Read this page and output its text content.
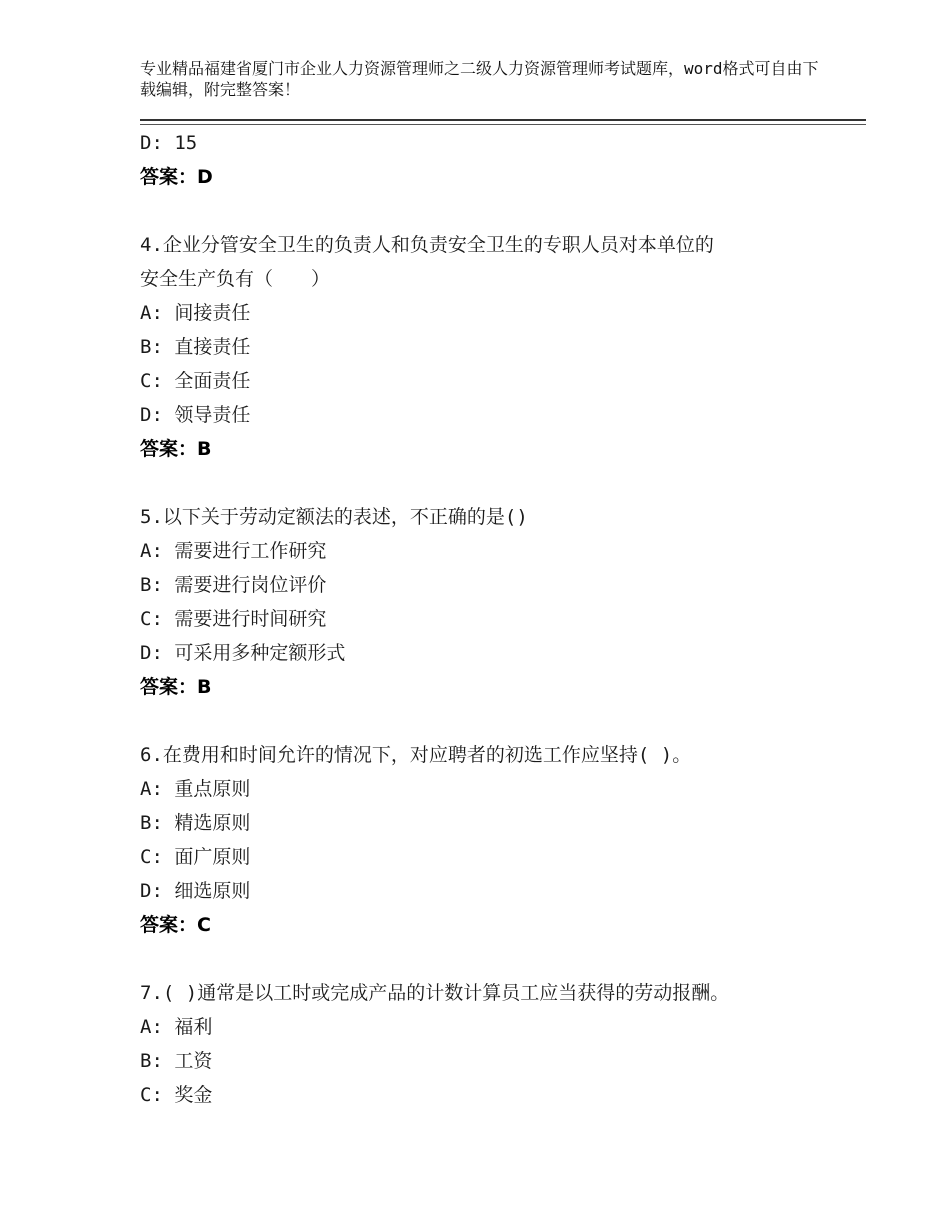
专业精品福建省厦门市企业人力资源管理师之二级人力资源管理师考试题库，word格式可自由下载编辑，附完整答案！
D: 15
答案：D
4.企业分管安全卫生的负责人和负责安全卫生的专职人员对本单位的
安全生产负有（　　）
A: 间接责任
B: 直接责任
C: 全面责任
D: 领导责任
答案：B
5.以下关于劳动定额法的表述，不正确的是()
A: 需要进行工作研究
B: 需要进行岗位评价
C: 需要进行时间研究
D: 可采用多种定额形式
答案：B
6.在费用和时间允许的情况下，对应聘者的初选工作应坚持( )。
A: 重点原则
B: 精选原则
C: 面广原则
D: 细选原则
答案：C
7.( )通常是以工时或完成产品的计数计算员工应当获得的劳动报酬。
A: 福利
B: 工资
C: 奖金
